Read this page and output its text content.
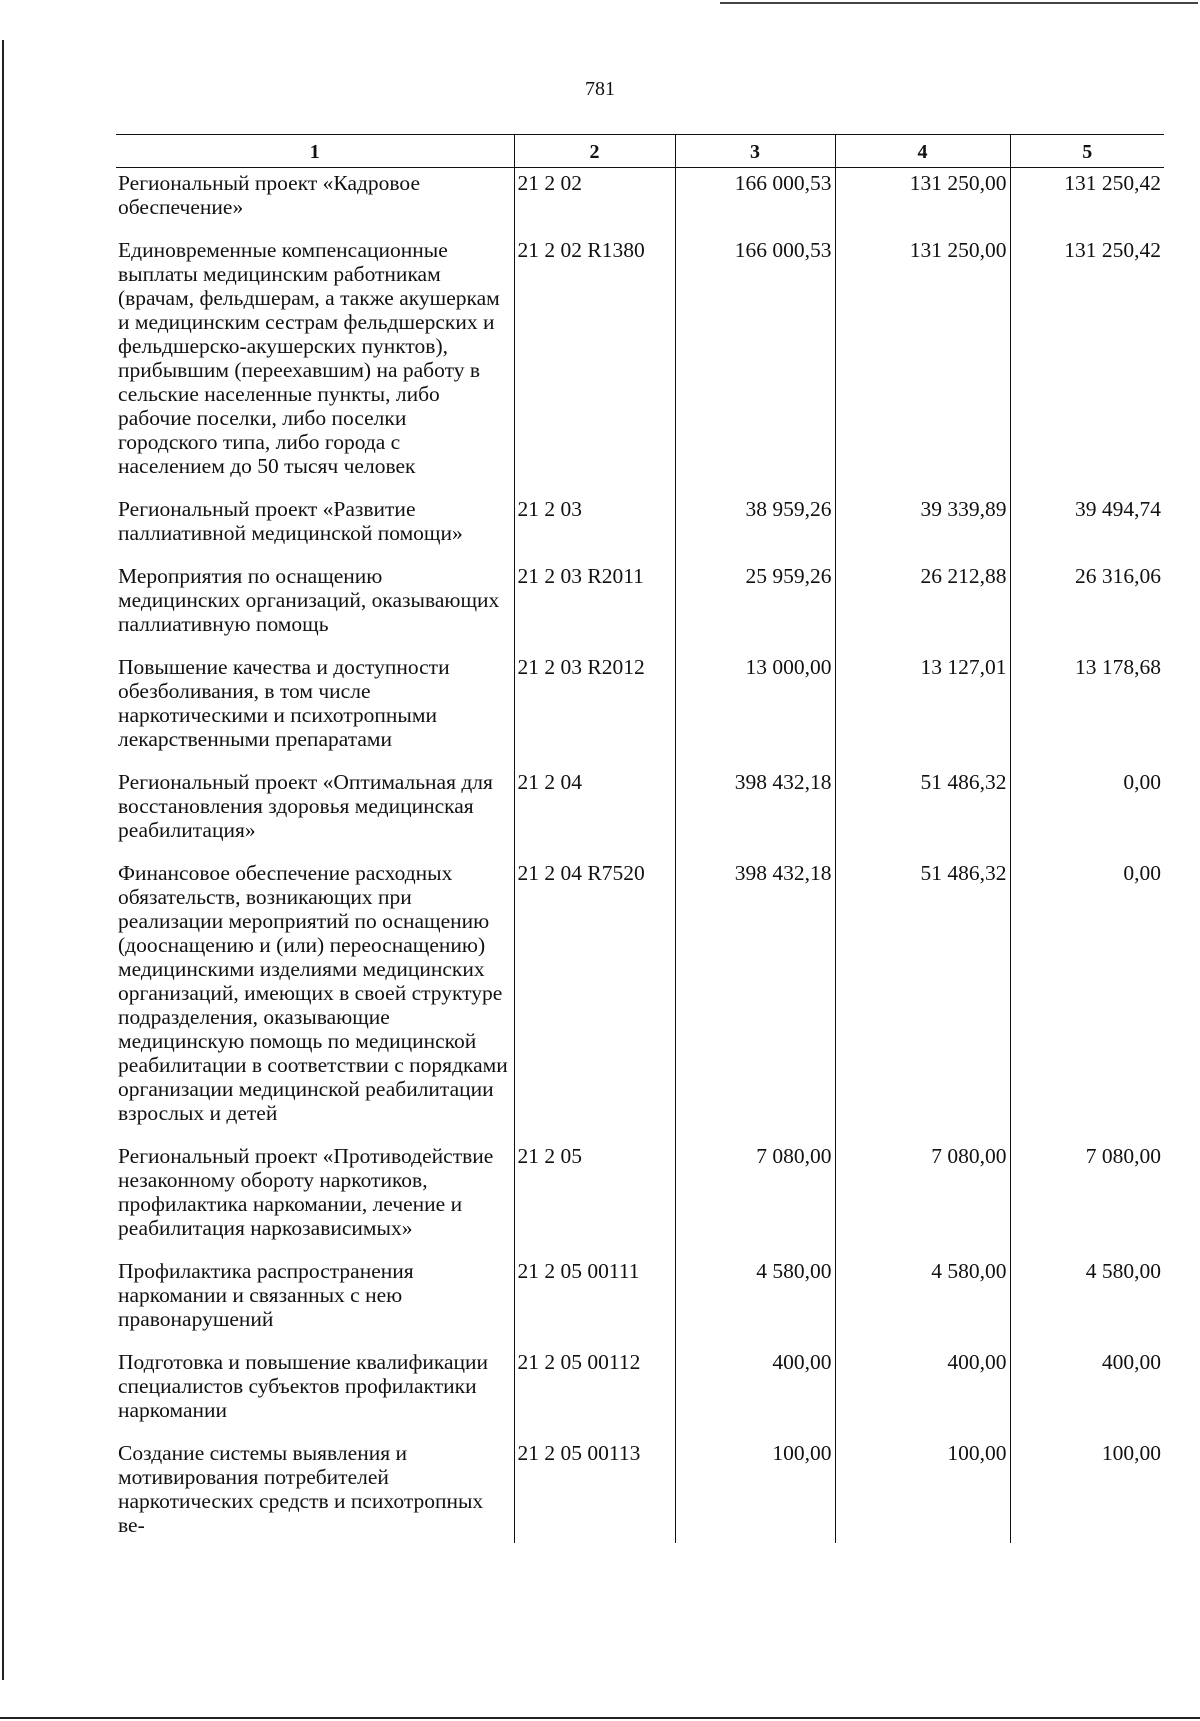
781
1	2	3	4	5
Региональный проект «Кадровое обеспечение»	21 2 02	166 000,53	131 250,00	131 250,42
Единовременные компенсационные выплаты медицинским работникам (врачам, фельдшерам, а также акушеркам и медицинским сестрам фельдшерских и фельдшерско-акушерских пунктов), прибывшим (переехавшим) на работу в сельские населенные пункты, либо рабочие поселки, либо поселки городского типа, либо города с населением до 50 тысяч человек	21 2 02 R1380	166 000,53	131 250,00	131 250,42
Региональный проект «Развитие паллиативной медицинской помощи»	21 2 03	38 959,26	39 339,89	39 494,74
Мероприятия по оснащению медицинских организаций, оказывающих паллиативную помощь	21 2 03 R2011	25 959,26	26 212,88	26 316,06
Повышение качества и доступности обезболивания, в том числе наркотическими и психотропными лекарственными препаратами	21 2 03 R2012	13 000,00	13 127,01	13 178,68
Региональный проект «Оптимальная для восстановления здоровья медицинская реабилитация»	21 2 04	398 432,18	51 486,32	0,00
Финансовое обеспечение расходных обязательств, возникающих при реализации мероприятий по оснащению (дооснащению и (или) переоснащению) медицинскими изделиями медицинских организаций, имеющих в своей структуре подразделения, оказывающие медицинскую помощь по медицинской реабилитации в соответствии с порядками организации медицинской реабилитации взрослых и детей	21 2 04 R7520	398 432,18	51 486,32	0,00
Региональный проект «Противодействие незаконному обороту наркотиков, профилактика наркомании, лечение и реабилитация наркозависимых»	21 2 05	7 080,00	7 080,00	7 080,00
Профилактика распространения наркомании и связанных с нею правонарушений	21 2 05 00111	4 580,00	4 580,00	4 580,00
Подготовка и повышение квалификации специалистов субъектов профилактики наркомании	21 2 05 00112	400,00	400,00	400,00
Создание системы выявления и мотивирования потребителей наркотических средств и психотропных ве-	21 2 05 00113	100,00	100,00	100,00
